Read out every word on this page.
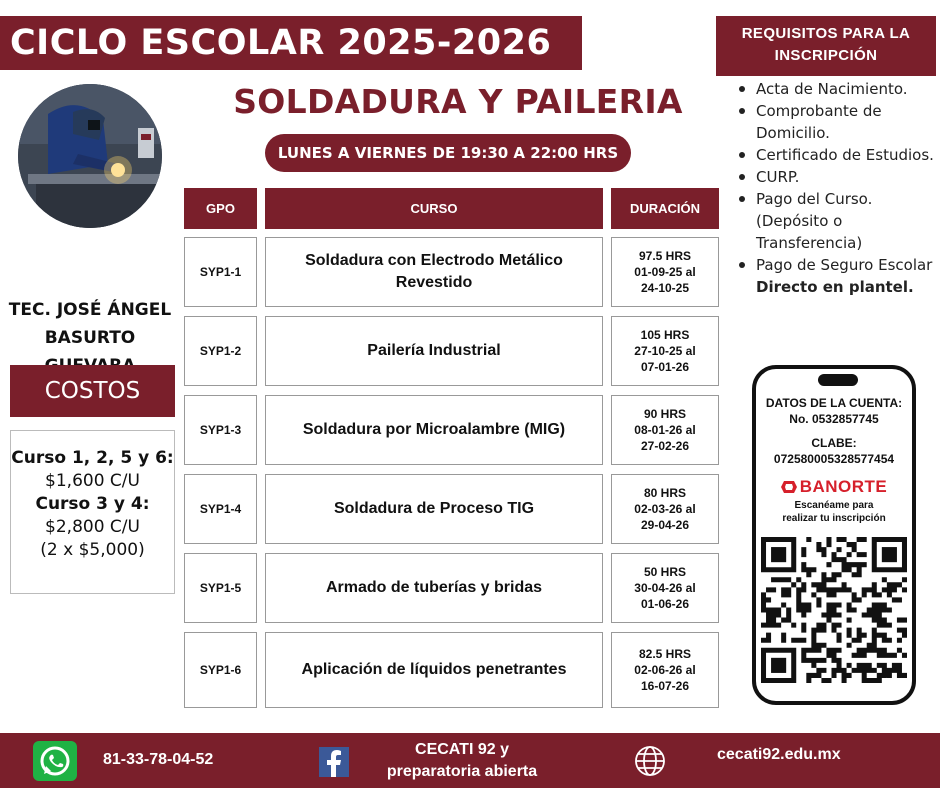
CICLO ESCOLAR 2025-2026
SOLDADURA Y PAILERIA
LUNES A VIERNES DE 19:30 A 22:00 HRS
TEC. JOSÉ ÁNGEL
BASURTO
COSTOS
Curso 1, 2, 5 y 6:
$1,600 C/U
Curso 3 y 4:
$2,800 C/U
(2 x $5,000)
GPO	CURSO	DURACIÓN
SYP1-1
Soldadura con Electrodo Metálico Revestido
97.5 HRS
01-09-25 al
24-10-25
SYP1-2	Pailería Industrial
105 HRS
27-10-25 al
07-01-26
SYP1-3	Soldadura por Microalambre (MIG)
90 HRS
08-01-26 al
27-02-26
SYP1-4	Soldadura de Proceso TIG
80 HRS
02-03-26 al
29-04-26
SYP1-5	Armado de tuberías y bridas
50 HRS
30-04-26 al
01-06-26
SYP1-6	Aplicación de líquidos penetrantes
82.5 HRS
02-06-26 al
16-07-26
REQUISITOS PARA LA
INSCRIPCIÓN
Acta de Nacimiento.
Comprobante de Domicilio.
Certificado de Estudios.
CURP.
Pago del Curso. (Depósito o Transferencia)
Pago de Seguro Escolar Directo en plantel.
DATOS DE LA CUENTA:
No. 0532857745
CLABE:
072580005328577454
BANORTE
Escanéame para
realizar tu inscripción
81-33-78-04-52
CECATI 92 y
preparatoria abierta
cecati92.edu.mx
